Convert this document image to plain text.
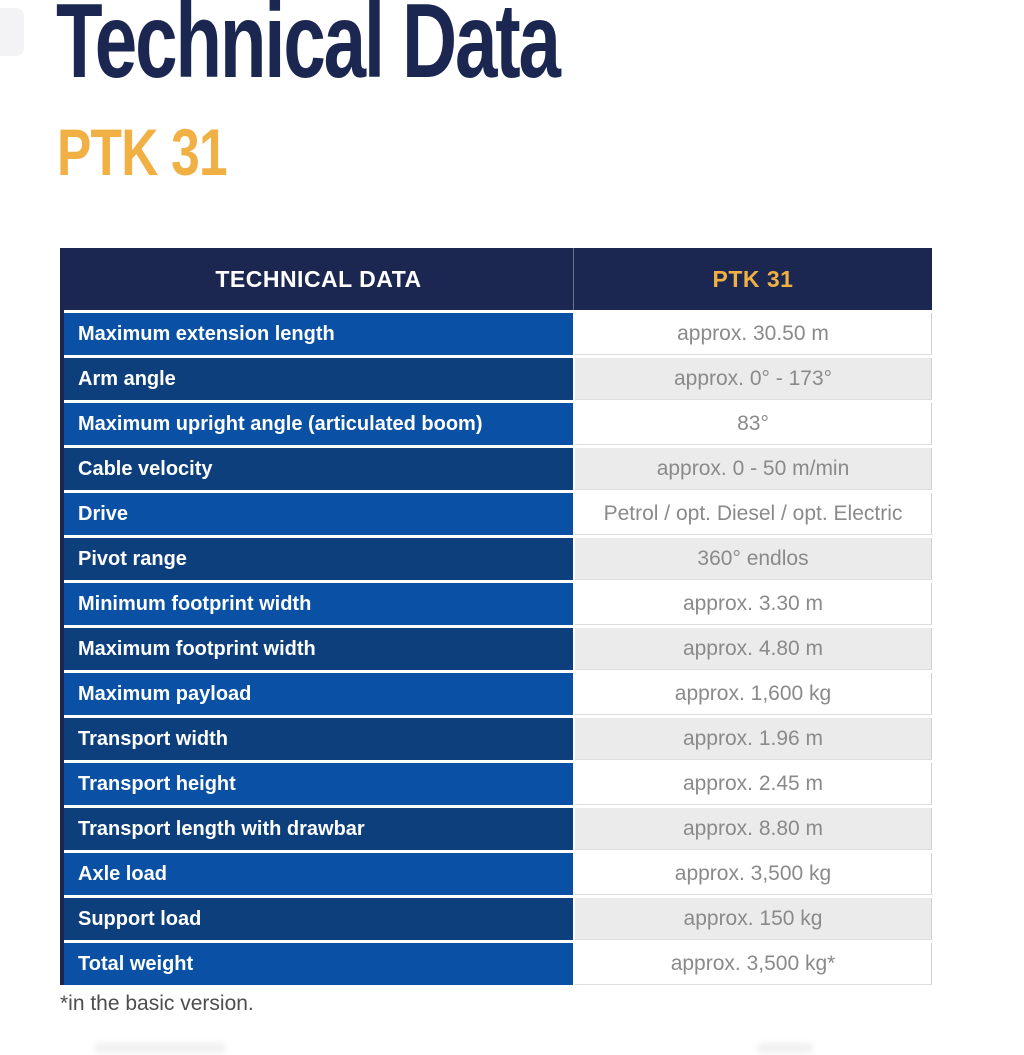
Technical Data
PTK 31
TECHNICAL DATA	PTK 31
Maximum extension length	approx. 30.50 m
Arm angle	approx. 0° - 173°
Maximum upright angle (articulated boom)	83°
Cable velocity	approx. 0 - 50 m/min
Drive	Petrol / opt. Diesel / opt. Electric
Pivot range	360° endlos
Minimum footprint width	approx. 3.30 m
Maximum footprint width	approx. 4.80 m
Maximum payload	approx. 1,600 kg
Transport width	approx. 1.96 m
Transport height	approx. 2.45 m
Transport length with drawbar	approx. 8.80 m
Axle load	approx. 3,500 kg
Support load	approx. 150 kg
Total weight	approx. 3,500 kg*
*in the basic version.
